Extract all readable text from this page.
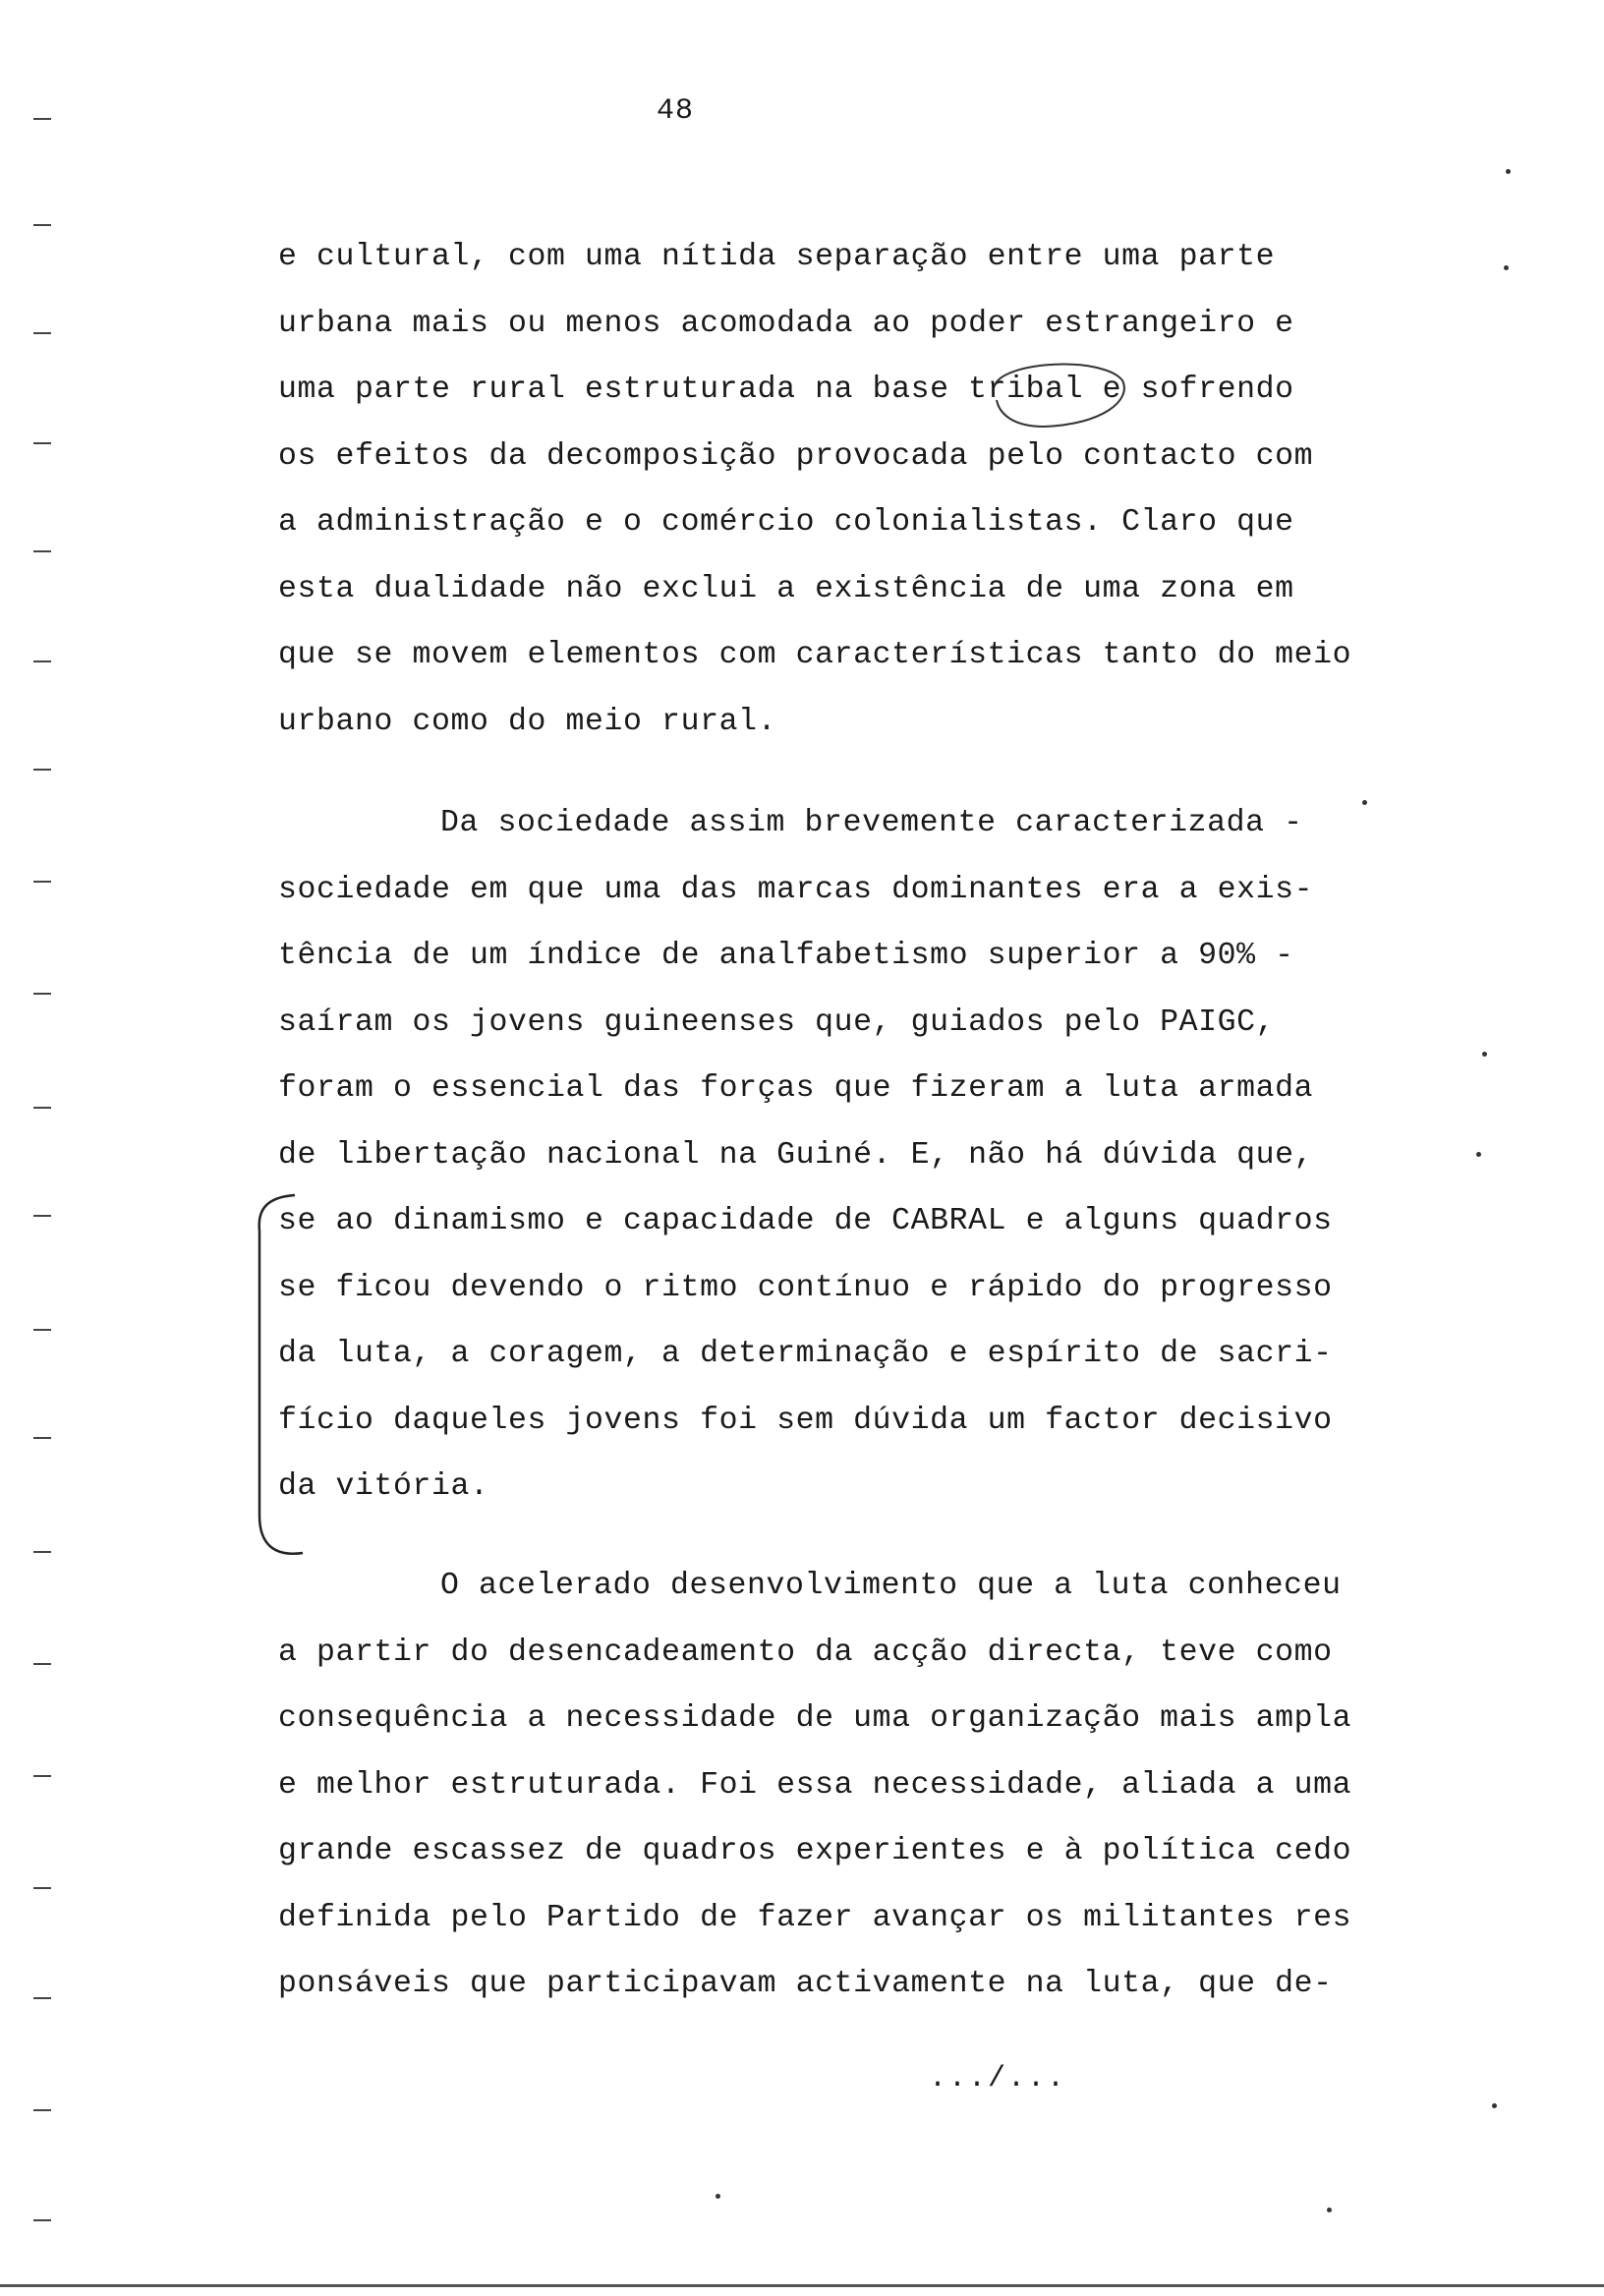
48
e cultural, com uma nítida separação entre uma parte
urbana mais ou menos acomodada ao poder estrangeiro e
uma parte rural estruturada na base tribal e sofrendo
os efeitos da decomposição provocada pelo contacto com
a administração e o comércio colonialistas. Claro que
esta dualidade não exclui a existência de uma zona em
que se movem elementos com características tanto do meio
urbano como do meio rural.
Da sociedade assim brevemente caracterizada -
sociedade em que uma das marcas dominantes era a exis-
tência de um índice de analfabetismo superior a 90% -
saíram os jovens guineenses que, guiados pelo PAIGC,
foram o essencial das forças que fizeram a luta armada
de libertação nacional na Guiné. E, não há dúvida que,
se ao dinamismo e capacidade de CABRAL e alguns quadros
se ficou devendo o ritmo contínuo e rápido do progresso
da luta, a coragem, a determinação e espírito de sacri-
fício daqueles jovens foi sem dúvida um factor decisivo
da vitória.
O acelerado desenvolvimento que a luta conheceu
a partir do desencadeamento da acção directa, teve como
consequência a necessidade de uma organização mais ampla
e melhor estruturada. Foi essa necessidade, aliada a uma
grande escassez de quadros experientes e à política cedo
definida pelo Partido de fazer avançar os militantes res
ponsáveis que participavam activamente na luta, que de-
.../...
